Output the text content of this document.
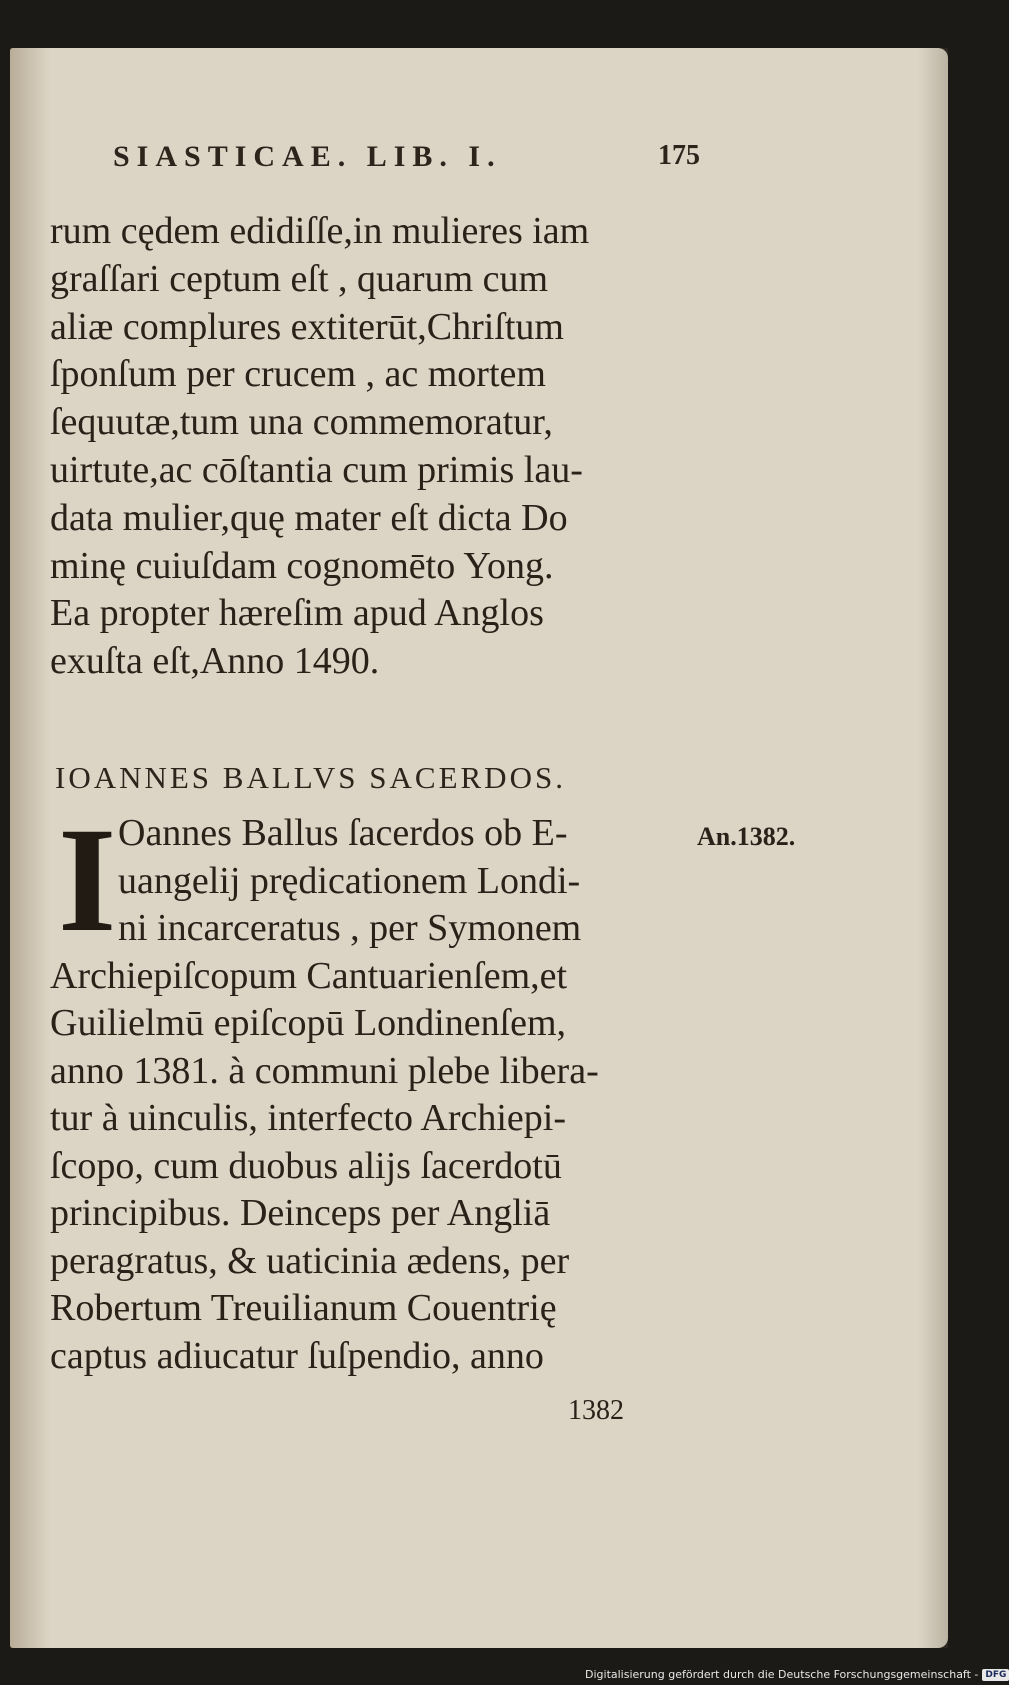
SIASTICAE. LIB. I.	175
rum cędem edidiſſe,in mulieres iam
graſſari ceptum eſt , quarum cum
aliæ complures extiterūt,Chriſtum
ſponſum per crucem , ac mortem
ſequutæ,tum una commemoratur,
uirtute,ac cōſtantia cum primis lau-
data mulier,quę mater eſt dicta Do
minę cuiuſdam cognomēto Yong.
Ea propter hæreſim apud Anglos
exuſta eſt,Anno 1490.
IOANNES BALLVS SACERDOS.
I Oannes Ballus ſacerdos ob E-
uangelij prędicationem Londi-
ni incarceratus , per Symonem
Archiepiſcopum Cantuarienſem,et
Guilielmū epiſcopū Londinenſem,
anno 1381. à communi plebe libera-
tur à uinculis, interfecto Archiepi-
ſcopo, cum duobus alijs ſacerdotū
principibus. Deinceps per Angliā
peragratus, & uaticinia ædens, per
Robertum Treuilianum Couentrię
captus adiucatur ſuſpendio, anno
An.1382.
1382
Digitalisierung gefördert durch die Deutsche Forschungsgemeinschaft - DFG
